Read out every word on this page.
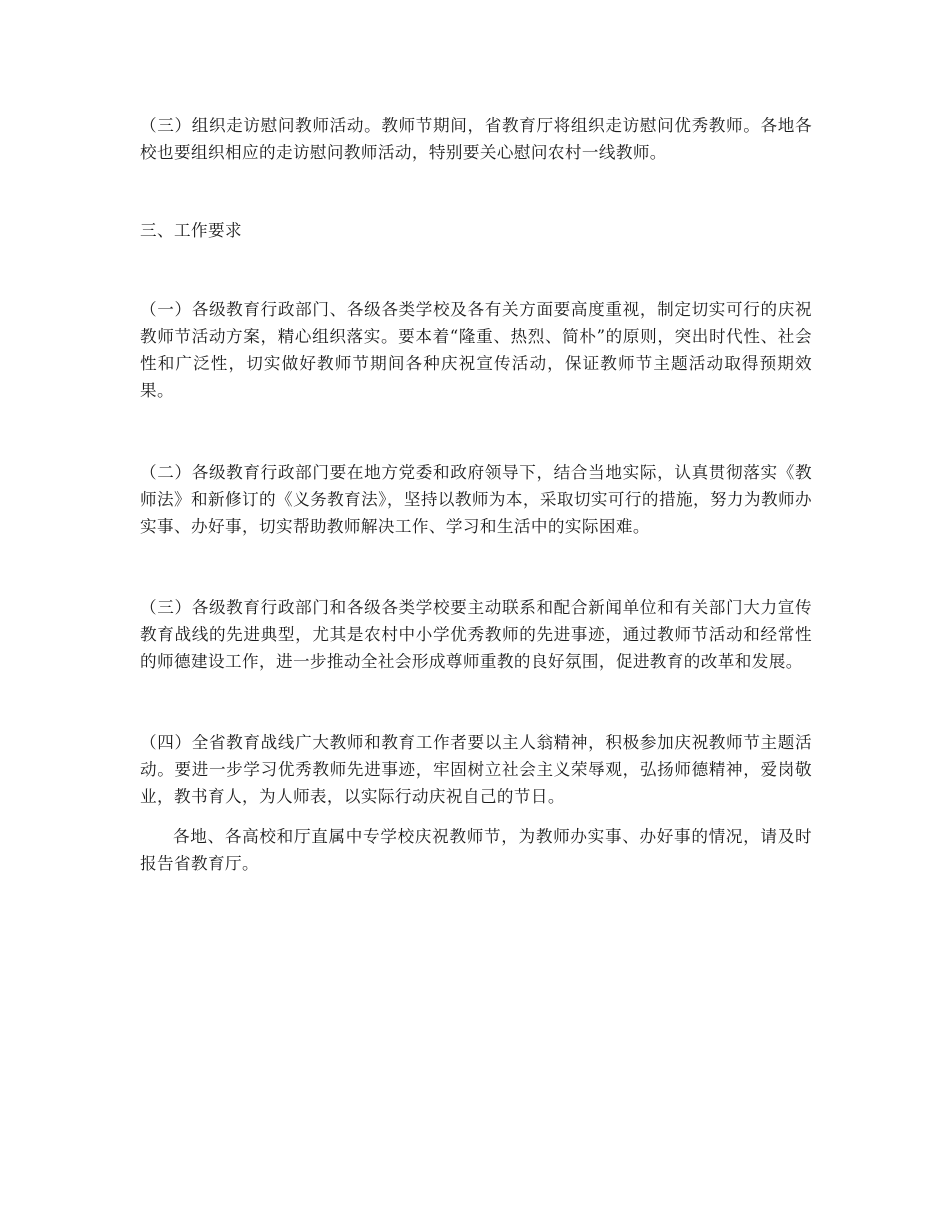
（三）组织走访慰问教师活动。教师节期间，省教育厅将组织走访慰问优秀教师。各地各校也要组织相应的走访慰问教师活动，特别要关心慰问农村一线教师。

三、工作要求

（一）各级教育行政部门、各级各类学校及各有关方面要高度重视，制定切实可行的庆祝教师节活动方案，精心组织落实。要本着“隆重、热烈、简朴”的原则，突出时代性、社会性和广泛性，切实做好教师节期间各种庆祝宣传活动，保证教师节主题活动取得预期效果。

（二）各级教育行政部门要在地方党委和政府领导下，结合当地实际，认真贯彻落实《教师法》和新修订的《义务教育法》，坚持以教师为本，采取切实可行的措施，努力为教师办实事、办好事，切实帮助教师解决工作、学习和生活中的实际困难。

（三）各级教育行政部门和各级各类学校要主动联系和配合新闻单位和有关部门大力宣传教育战线的先进典型，尤其是农村中小学优秀教师的先进事迹，通过教师节活动和经常性的师德建设工作，进一步推动全社会形成尊师重教的良好氛围，促进教育的改革和发展。

（四）全省教育战线广大教师和教育工作者要以主人翁精神，积极参加庆祝教师节主题活动。要进一步学习优秀教师先进事迹，牢固树立社会主义荣辱观，弘扬师德精神，爱岗敬业，教书育人，为人师表，以实际行动庆祝自己的节日。

各地、各高校和厅直属中专学校庆祝教师节，为教师办实事、办好事的情况，请及时报告省教育厅。
